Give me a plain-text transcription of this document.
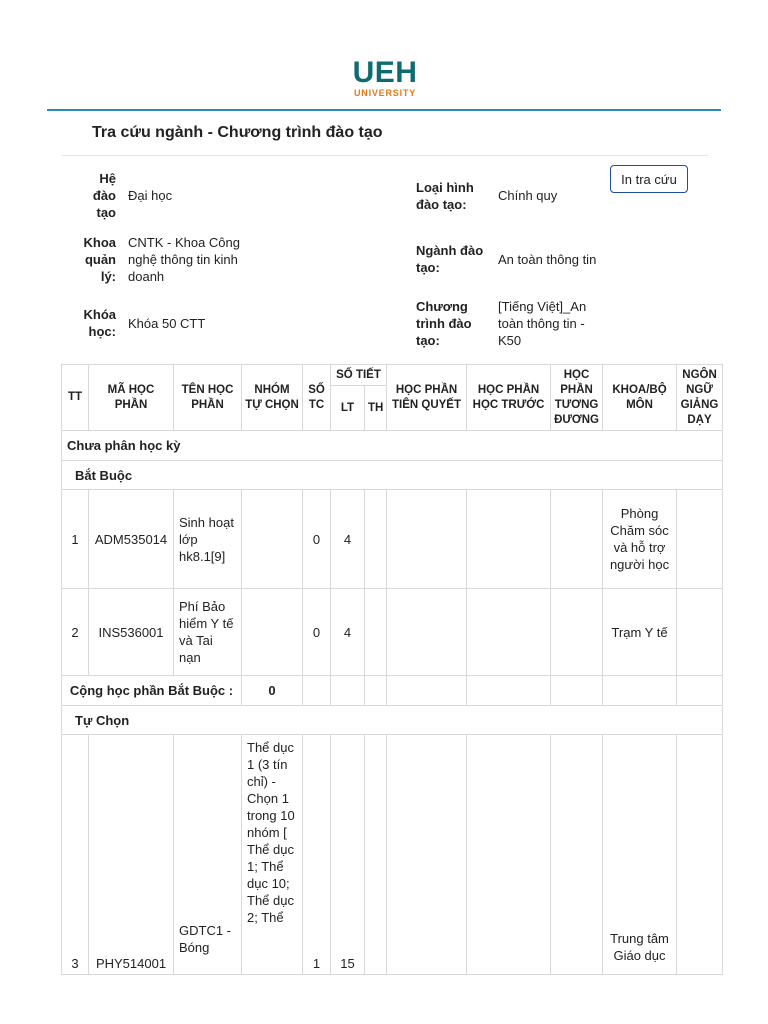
UEH
UNIVERSITY
Tra cứu ngành - Chương trình đào tạo
Hệ
đào
tạo
Đại học
Loại hình đào tạo:
Chính quy
In tra cứu
Khoa
quản
lý:
CNTK - Khoa Công nghệ thông tin kinh doanh
Ngành đào tạo:
An toàn thông tin
Khóa
học:
Khóa 50 CTT
Chương trình đào tạo:
[Tiếng Việt]_An toàn thông tin - K50
TT	MÃ HỌC PHẦN	TÊN HỌC PHẦN	NHÓM TỰ CHỌN	SỐ TC	SỐ TIẾT		HỌC PHẦN TIÊN QUYẾT	HỌC PHẦN HỌC TRƯỚC	HỌC PHẦN TƯƠNG ĐƯƠNG	KHOA/BỘ MÔN	NGÔN NGỮ GIẢNG DẠY
					LT	TH					
Chưa phân học kỳ											
Bắt Buộc											
1	ADM535014	Sinh hoạt lớp hk8.1[9]		0	4					Phòng Chăm sóc và hỗ trợ người học	
2	INS536001	Phí Bảo hiểm Y tế và Tai nạn		0	4					Trạm Y tế	
Cộng học phần Bắt Buộc :			0								
Tự Chọn											
3	PHY514001	GDTC1 - Bóng	Thể dục 1 (3 tín chỉ) - Chọn 1 trong 10 nhóm [ Thể dục 1; Thể dục 10; Thể dục 2; Thể	1	15					Trung tâm Giáo dục	
